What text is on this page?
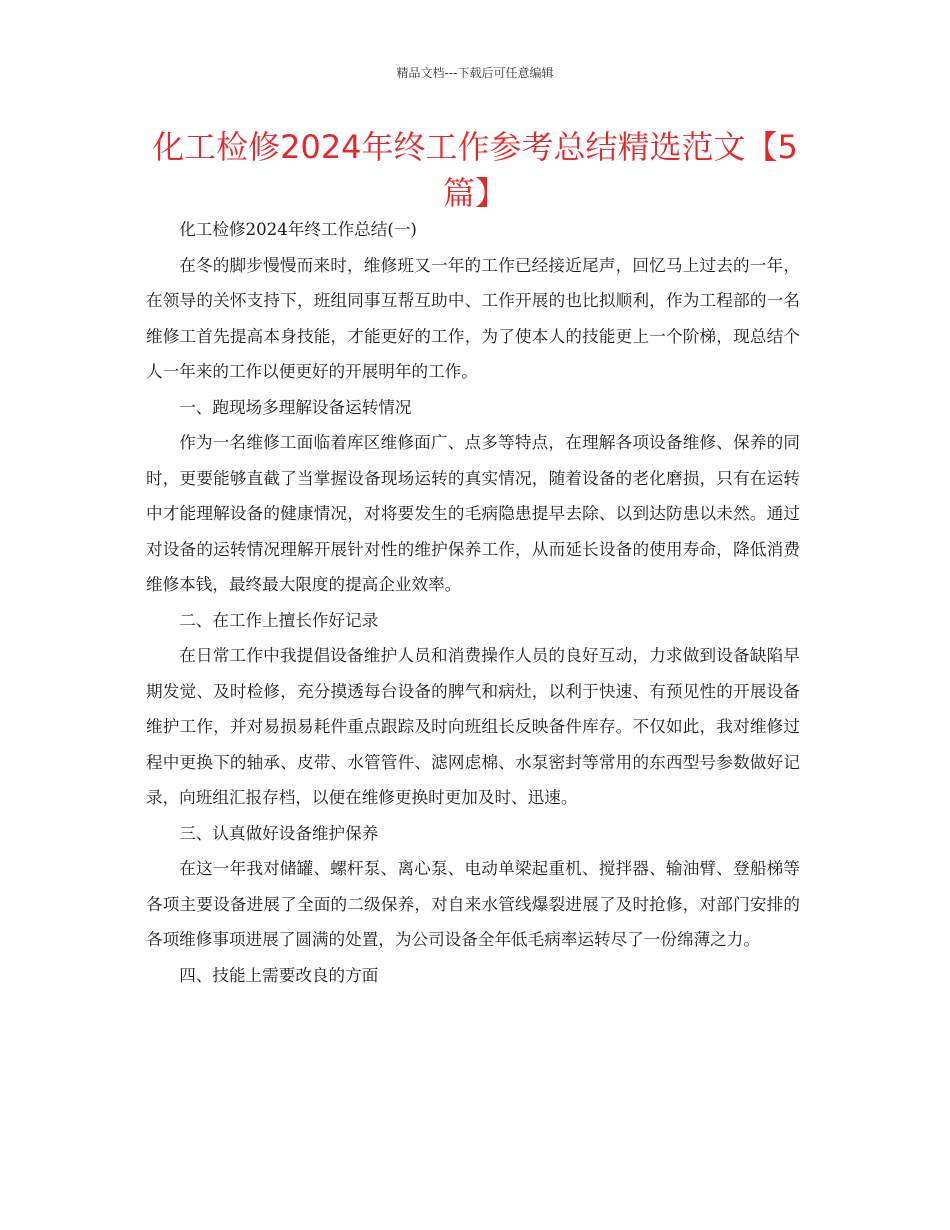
精品文档---下载后可任意编辑
化工检修2024年终工作参考总结精选范文【5篇】

化工检修2024年终工作总结(一)

在冬的脚步慢慢而来时，维修班又一年的工作已经接近尾声，回忆马上过去的一年，在领导的关怀支持下，班组同事互帮互助中、工作开展的也比拟顺利，作为工程部的一名维修工首先提高本身技能，才能更好的工作，为了使本人的技能更上一个阶梯，现总结个人一年来的工作以便更好的开展明年的工作。

一、跑现场多理解设备运转情况

作为一名维修工面临着库区维修面广、点多等特点，在理解各项设备维修、保养的同时，更要能够直截了当掌握设备现场运转的真实情况，随着设备的老化磨损，只有在运转中才能理解设备的健康情况，对将要发生的毛病隐患提早去除、以到达防患以未然。通过对设备的运转情况理解开展针对性的维护保养工作，从而延长设备的使用寿命，降低消费维修本钱，最终最大限度的提高企业效率。

二、在工作上擅长作好记录

在日常工作中我提倡设备维护人员和消费操作人员的良好互动，力求做到设备缺陷早期发觉、及时检修，充分摸透每台设备的脾气和病灶，以利于快速、有预见性的开展设备维护工作，并对易损易耗件重点跟踪及时向班组长反映备件库存。不仅如此，我对维修过程中更换下的轴承、皮带、水管管件、滤网虑棉、水泵密封等常用的东西型号参数做好记录，向班组汇报存档，以便在维修更换时更加及时、迅速。

三、认真做好设备维护保养

在这一年我对储罐、螺杆泵、离心泵、电动单梁起重机、搅拌器、输油臂、登船梯等各项主要设备进展了全面的二级保养，对自来水管线爆裂进展了及时抢修，对部门安排的各项维修事项进展了圆满的处置，为公司设备全年低毛病率运转尽了一份绵薄之力。

四、技能上需要改良的方面
